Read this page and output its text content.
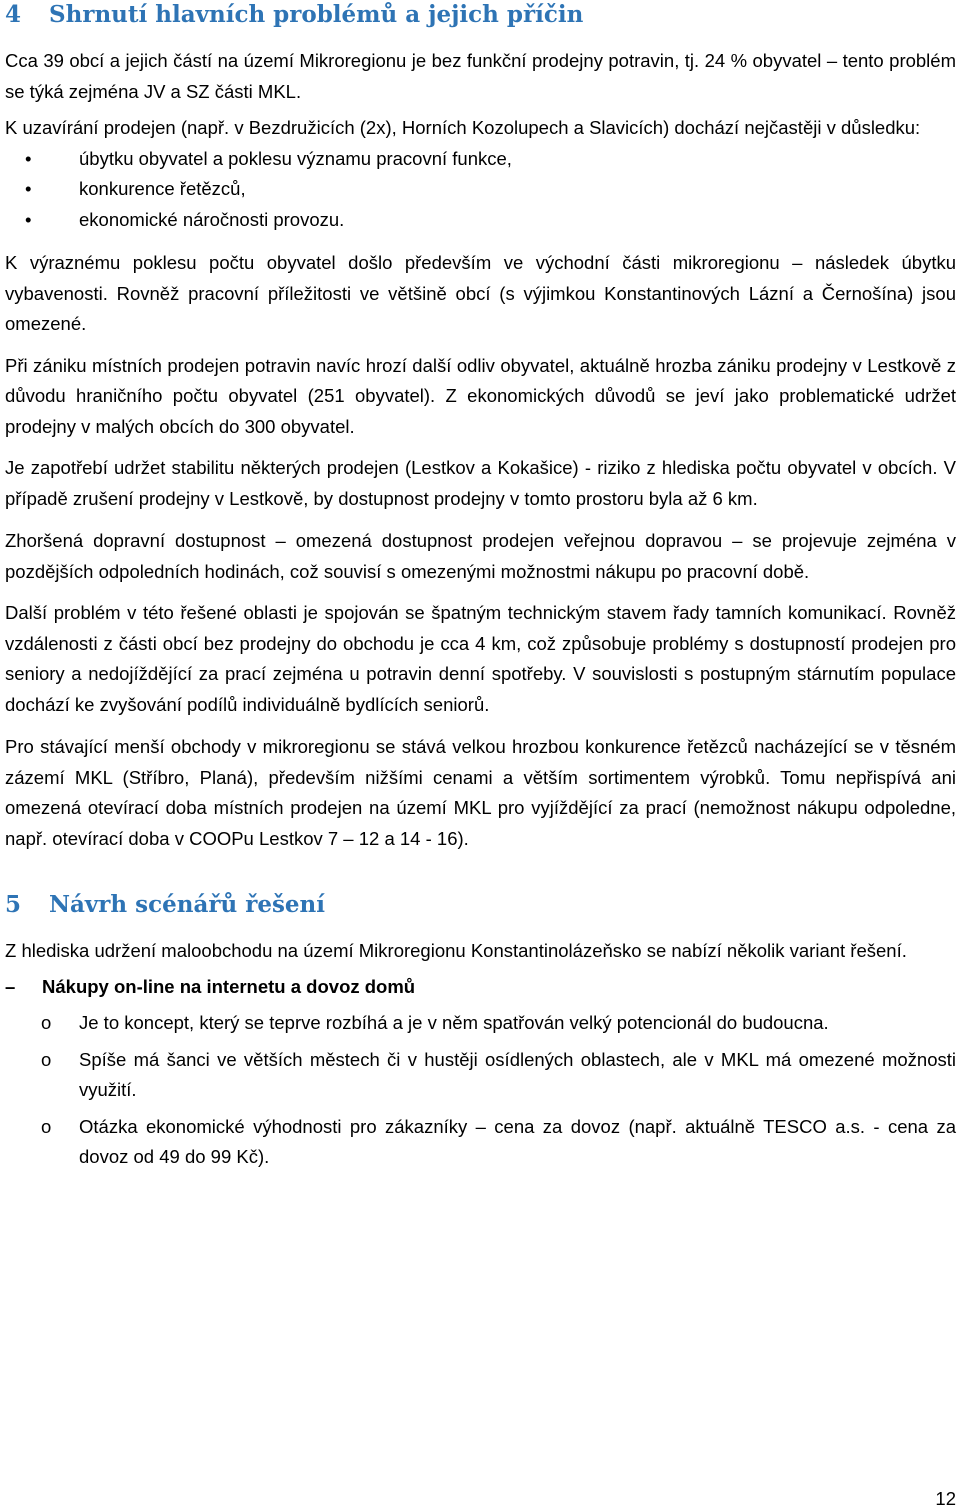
4 Shrnutí hlavních problémů a jejich příčin

Cca 39 obcí a jejich částí na území Mikroregionu je bez funkční prodejny potravin, tj. 24 % obyvatel – tento problém se týká zejména JV a SZ části MKL.

K uzavírání prodejen (např. v Bezdružicích (2x), Horních Kozolupech a Slavicích) dochází nejčastěji v důsledku:

•	úbytku obyvatel a poklesu významu pracovní funkce,
•	konkurence řetězců,
•	ekonomické náročnosti provozu.

K výraznému poklesu počtu obyvatel došlo především ve východní části mikroregionu – následek úbytku vybavenosti. Rovněž pracovní příležitosti ve většině obcí (s výjimkou Konstantinových Lázní a Černošína) jsou omezené.

Při zániku místních prodejen potravin navíc hrozí další odliv obyvatel, aktuálně hrozba zániku prodejny v Lestkově z důvodu hraničního počtu obyvatel (251 obyvatel). Z ekonomických důvodů se jeví jako problematické udržet prodejny v malých obcích do 300 obyvatel.

Je zapotřebí udržet stabilitu některých prodejen (Lestkov a Kokašice) - riziko z hlediska počtu obyvatel v obcích. V případě zrušení prodejny v Lestkově, by dostupnost prodejny v tomto prostoru byla až 6 km.

Zhoršená dopravní dostupnost – omezená dostupnost prodejen veřejnou dopravou – se projevuje zejména v pozdějších odpoledních hodinách, což souvisí s omezenými možnostmi nákupu po pracovní době.

Další problém v této řešené oblasti je spojován se špatným technickým stavem řady tamních komunikací. Rovněž vzdálenosti z části obcí bez prodejny do obchodu je cca 4 km, což způsobuje problémy s dostupností prodejen pro seniory a nedojíždějící za prací zejména u potravin denní spotřeby. V souvislosti s postupným stárnutím populace dochází ke zvyšování podílů individuálně bydlících seniorů.

Pro stávající menší obchody v mikroregionu se stává velkou hrozbou konkurence řetězců nacházející se v těsném zázemí MKL (Stříbro, Planá), především nižšími cenami a větším sortimentem výrobků. Tomu nepřispívá ani omezená otevírací doba místních prodejen na území MKL pro vyjíždějící za prací (nemožnost nákupu odpoledne, např. otevírací doba v COOPu Lestkov 7 – 12 a 14 - 16).

5 Návrh scénářů řešení

Z hlediska udržení maloobchodu na území Mikroregionu Konstantinolázeňsko se nabízí několik variant řešení.

– Nákupy on-line na internetu a dovoz domů
o Je to koncept, který se teprve rozbíhá a je v něm spatřován velký potencionál do budoucna.
o Spíše má šanci ve větších městech či v hustěji osídlených oblastech, ale v MKL má omezené možnosti využití.
o Otázka ekonomické výhodnosti pro zákazníky – cena za dovoz (např. aktuálně TESCO a.s. - cena za dovoz od 49 do 99 Kč).
12
